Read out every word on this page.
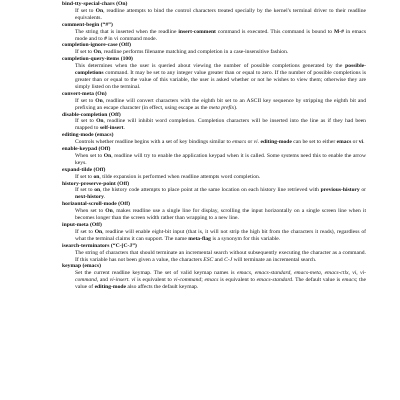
bind-tty-special-chars (On)
If set to On, readline attempts to bind the control characters treated specially by the kernel's terminal driver to their readline equivalents.
comment-begin (“#”)
The string that is inserted when the readline insert-comment command is executed. This command is bound to M-# in emacs mode and to # in vi command mode.
completion-ignore-case (Off)
If set to On, readline performs filename matching and completion in a case-insensitive fashion.
completion-query-items (100)
This determines when the user is queried about viewing the number of possible completions generated by the possible-completions command. It may be set to any integer value greater than or equal to zero. If the number of possible completions is greater than or equal to the value of this variable, the user is asked whether or not he wishes to view them; otherwise they are simply listed on the terminal.
convert-meta (On)
If set to On, readline will convert characters with the eighth bit set to an ASCII key sequence by stripping the eighth bit and prefixing an escape character (in effect, using escape as the meta prefix).
disable-completion (Off)
If set to On, readline will inhibit word completion. Completion characters will be inserted into the line as if they had been mapped to self-insert.
editing-mode (emacs)
Controls whether readline begins with a set of key bindings similar to emacs or vi. editing-mode can be set to either emacs or vi.
enable-keypad (Off)
When set to On, readline will try to enable the application keypad when it is called. Some systems need this to enable the arrow keys.
expand-tilde (Off)
If set to on, tilde expansion is performed when readline attempts word completion.
history-preserve-point (Off)
If set to on, the history code attempts to place point at the same location on each history line retrieved with previous-history or next-history.
horizontal-scroll-mode (Off)
When set to On, makes readline use a single line for display, scrolling the input horizontally on a single screen line when it becomes longer than the screen width rather than wrapping to a new line.
input-meta (Off)
If set to On, readline will enable eight-bit input (that is, it will not strip the high bit from the characters it reads), regardless of what the terminal claims it can support. The name meta-flag is a synonym for this variable.
isearch-terminators (“C-[C-J”)
The string of characters that should terminate an incremental search without subsequently executing the character as a command. If this variable has not been given a value, the characters ESC and C-J will terminate an incremental search.
keymap (emacs)
Set the current readline keymap. The set of valid keymap names is emacs, emacs-standard, emacs-meta, emacs-ctlx, vi, vi-command, and vi-insert. vi is equivalent to vi-command; emacs is equivalent to emacs-standard. The default value is emacs; the value of editing-mode also affects the default keymap.
